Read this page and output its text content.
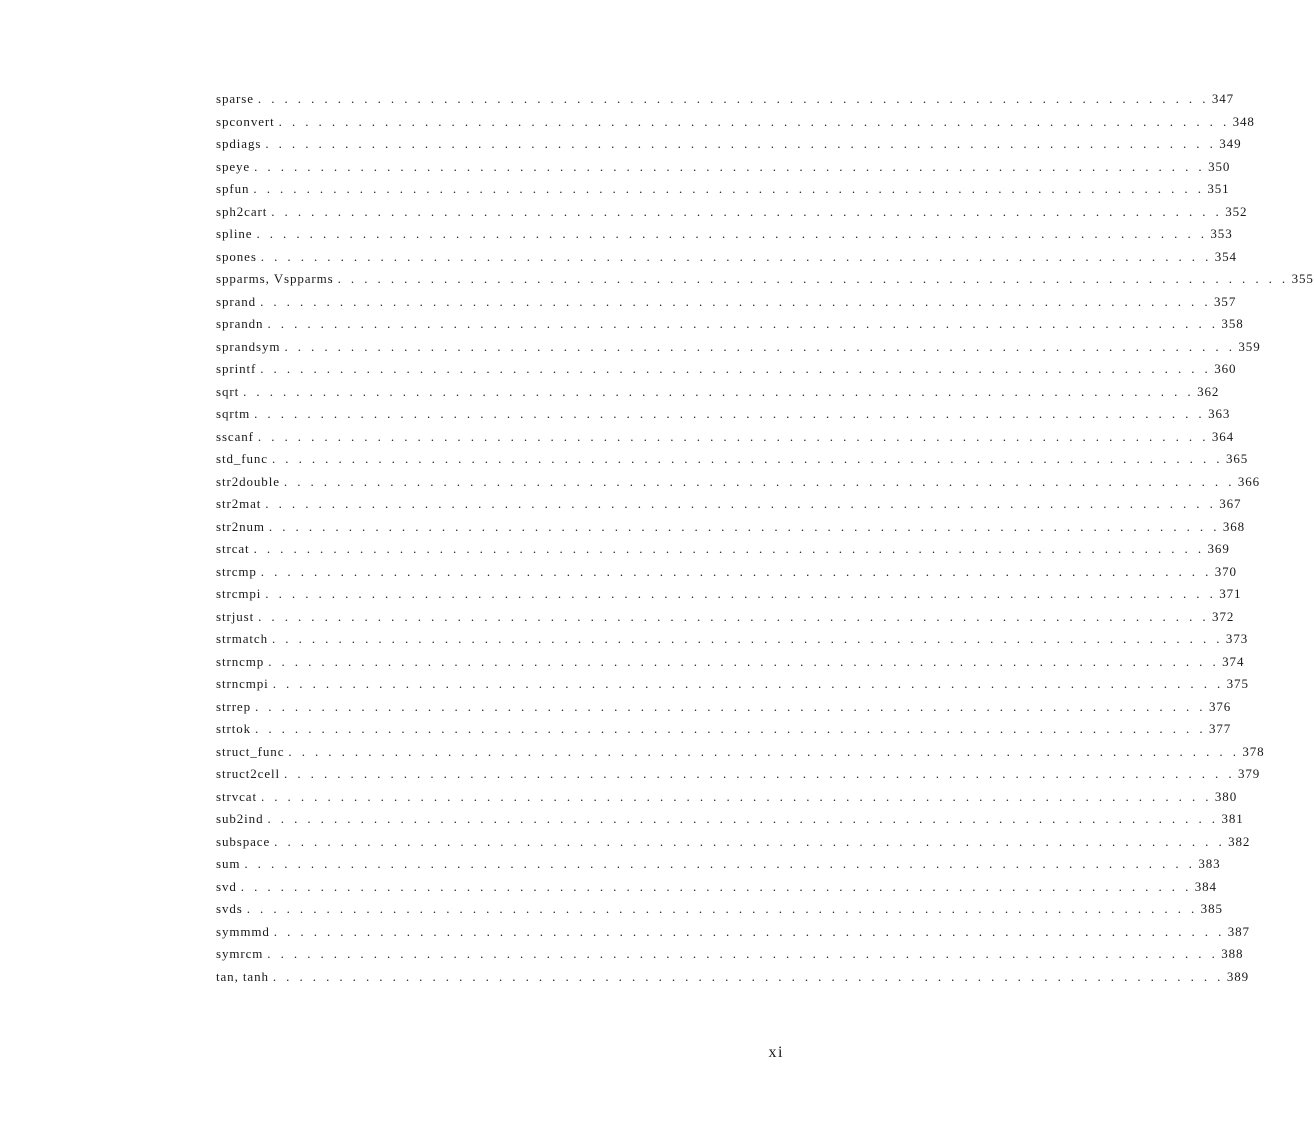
sparse . . . . . . . . . . . . . . . . . . . . . . . . . . . . . . . . . . . . . . . . . . . . . . . . . . . . . . . . . . . . . . . . . . . . . . . . 347
spconvert . . . . . . . . . . . . . . . . . . . . . . . . . . . . . . . . . . . . . . . . . . . . . . . . . . . . . . . . . . . . . . . . . . . . . . . . 348
spdiags . . . . . . . . . . . . . . . . . . . . . . . . . . . . . . . . . . . . . . . . . . . . . . . . . . . . . . . . . . . . . . . . . . . . . . . . 349
speye . . . . . . . . . . . . . . . . . . . . . . . . . . . . . . . . . . . . . . . . . . . . . . . . . . . . . . . . . . . . . . . . . . . . . . . . 350
spfun . . . . . . . . . . . . . . . . . . . . . . . . . . . . . . . . . . . . . . . . . . . . . . . . . . . . . . . . . . . . . . . . . . . . . . . . 351
sph2cart . . . . . . . . . . . . . . . . . . . . . . . . . . . . . . . . . . . . . . . . . . . . . . . . . . . . . . . . . . . . . . . . . . . . . . . . 352
spline . . . . . . . . . . . . . . . . . . . . . . . . . . . . . . . . . . . . . . . . . . . . . . . . . . . . . . . . . . . . . . . . . . . . . . . . 353
spones . . . . . . . . . . . . . . . . . . . . . . . . . . . . . . . . . . . . . . . . . . . . . . . . . . . . . . . . . . . . . . . . . . . . . . . . 354
spparms, Vspparms . . . . . . . . . . . . . . . . . . . . . . . . . . . . . . . . . . . . . . . . . . . . . . . . . . . . . . . . . . . . . . . . . . . . . . . . 355
sprand . . . . . . . . . . . . . . . . . . . . . . . . . . . . . . . . . . . . . . . . . . . . . . . . . . . . . . . . . . . . . . . . . . . . . . . . 357
sprandn . . . . . . . . . . . . . . . . . . . . . . . . . . . . . . . . . . . . . . . . . . . . . . . . . . . . . . . . . . . . . . . . . . . . . . . . 358
sprandsym . . . . . . . . . . . . . . . . . . . . . . . . . . . . . . . . . . . . . . . . . . . . . . . . . . . . . . . . . . . . . . . . . . . . . . . . 359
sprintf . . . . . . . . . . . . . . . . . . . . . . . . . . . . . . . . . . . . . . . . . . . . . . . . . . . . . . . . . . . . . . . . . . . . . . . . 360
sqrt . . . . . . . . . . . . . . . . . . . . . . . . . . . . . . . . . . . . . . . . . . . . . . . . . . . . . . . . . . . . . . . . . . . . . . . . 362
sqrtm . . . . . . . . . . . . . . . . . . . . . . . . . . . . . . . . . . . . . . . . . . . . . . . . . . . . . . . . . . . . . . . . . . . . . . . . 363
sscanf . . . . . . . . . . . . . . . . . . . . . . . . . . . . . . . . . . . . . . . . . . . . . . . . . . . . . . . . . . . . . . . . . . . . . . . . 364
std_func . . . . . . . . . . . . . . . . . . . . . . . . . . . . . . . . . . . . . . . . . . . . . . . . . . . . . . . . . . . . . . . . . . . . . . . . 365
str2double . . . . . . . . . . . . . . . . . . . . . . . . . . . . . . . . . . . . . . . . . . . . . . . . . . . . . . . . . . . . . . . . . . . . . . . . 366
str2mat . . . . . . . . . . . . . . . . . . . . . . . . . . . . . . . . . . . . . . . . . . . . . . . . . . . . . . . . . . . . . . . . . . . . . . . . 367
str2num . . . . . . . . . . . . . . . . . . . . . . . . . . . . . . . . . . . . . . . . . . . . . . . . . . . . . . . . . . . . . . . . . . . . . . . . 368
strcat . . . . . . . . . . . . . . . . . . . . . . . . . . . . . . . . . . . . . . . . . . . . . . . . . . . . . . . . . . . . . . . . . . . . . . . . 369
strcmp . . . . . . . . . . . . . . . . . . . . . . . . . . . . . . . . . . . . . . . . . . . . . . . . . . . . . . . . . . . . . . . . . . . . . . . . 370
strcmpi . . . . . . . . . . . . . . . . . . . . . . . . . . . . . . . . . . . . . . . . . . . . . . . . . . . . . . . . . . . . . . . . . . . . . . . . 371
strjust . . . . . . . . . . . . . . . . . . . . . . . . . . . . . . . . . . . . . . . . . . . . . . . . . . . . . . . . . . . . . . . . . . . . . . . . 372
strmatch . . . . . . . . . . . . . . . . . . . . . . . . . . . . . . . . . . . . . . . . . . . . . . . . . . . . . . . . . . . . . . . . . . . . . . . . 373
strncmp . . . . . . . . . . . . . . . . . . . . . . . . . . . . . . . . . . . . . . . . . . . . . . . . . . . . . . . . . . . . . . . . . . . . . . . . 374
strncmpi . . . . . . . . . . . . . . . . . . . . . . . . . . . . . . . . . . . . . . . . . . . . . . . . . . . . . . . . . . . . . . . . . . . . . . . . 375
strrep . . . . . . . . . . . . . . . . . . . . . . . . . . . . . . . . . . . . . . . . . . . . . . . . . . . . . . . . . . . . . . . . . . . . . . . . 376
strtok . . . . . . . . . . . . . . . . . . . . . . . . . . . . . . . . . . . . . . . . . . . . . . . . . . . . . . . . . . . . . . . . . . . . . . . . 377
struct_func . . . . . . . . . . . . . . . . . . . . . . . . . . . . . . . . . . . . . . . . . . . . . . . . . . . . . . . . . . . . . . . . . . . . . . . . 378
struct2cell . . . . . . . . . . . . . . . . . . . . . . . . . . . . . . . . . . . . . . . . . . . . . . . . . . . . . . . . . . . . . . . . . . . . . . . . 379
strvcat . . . . . . . . . . . . . . . . . . . . . . . . . . . . . . . . . . . . . . . . . . . . . . . . . . . . . . . . . . . . . . . . . . . . . . . . 380
sub2ind . . . . . . . . . . . . . . . . . . . . . . . . . . . . . . . . . . . . . . . . . . . . . . . . . . . . . . . . . . . . . . . . . . . . . . . . 381
subspace . . . . . . . . . . . . . . . . . . . . . . . . . . . . . . . . . . . . . . . . . . . . . . . . . . . . . . . . . . . . . . . . . . . . . . . . 382
sum . . . . . . . . . . . . . . . . . . . . . . . . . . . . . . . . . . . . . . . . . . . . . . . . . . . . . . . . . . . . . . . . . . . . . . . . 383
svd . . . . . . . . . . . . . . . . . . . . . . . . . . . . . . . . . . . . . . . . . . . . . . . . . . . . . . . . . . . . . . . . . . . . . . . . 384
svds . . . . . . . . . . . . . . . . . . . . . . . . . . . . . . . . . . . . . . . . . . . . . . . . . . . . . . . . . . . . . . . . . . . . . . . . 385
symmmd . . . . . . . . . . . . . . . . . . . . . . . . . . . . . . . . . . . . . . . . . . . . . . . . . . . . . . . . . . . . . . . . . . . . . . . . 387
symrcm . . . . . . . . . . . . . . . . . . . . . . . . . . . . . . . . . . . . . . . . . . . . . . . . . . . . . . . . . . . . . . . . . . . . . . . . 388
tan, tanh . . . . . . . . . . . . . . . . . . . . . . . . . . . . . . . . . . . . . . . . . . . . . . . . . . . . . . . . . . . . . . . . . . . . . . . . 389
xi
